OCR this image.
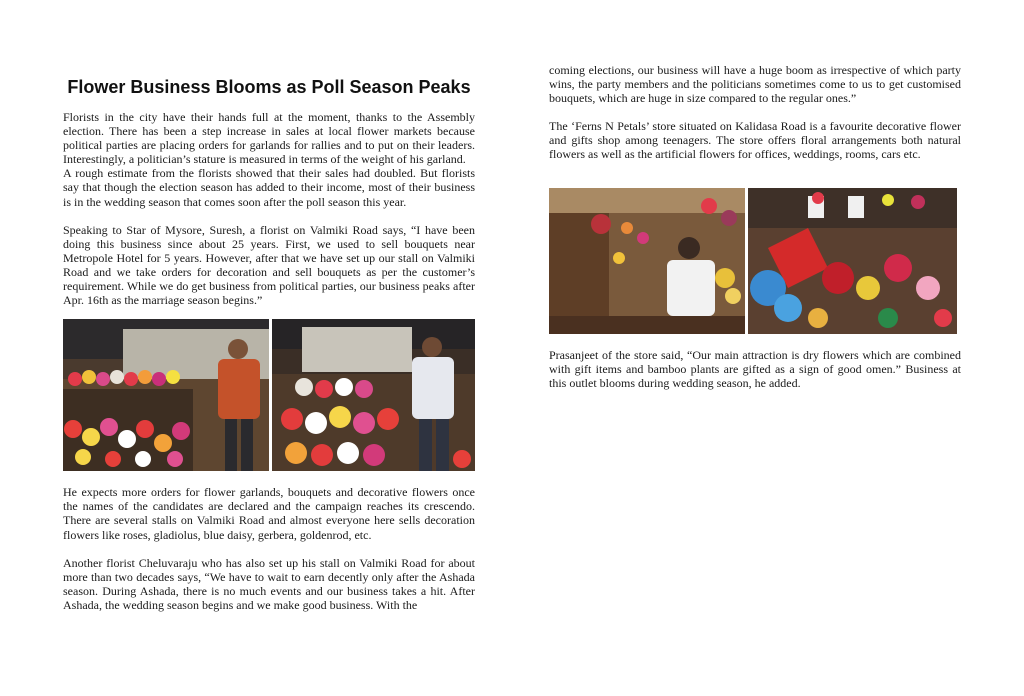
Flower Business Blooms as Poll Season Peaks

Florists in the city have their hands full at the moment, thanks to the Assembly election. There has been a step increase in sales at local flower markets because political parties are placing orders for garlands for rallies and to put on their leaders. Interestingly, a politician’s stature is measured in terms of the weight of his garland.

A rough estimate from the florists showed that their sales had doubled. But florists say that though the election season has added to their income, most of their business is in the wedding season that comes soon after the poll season this year.

Speaking to Star of Mysore, Suresh, a florist on Valmiki Road says, “I have been doing this business since about 25 years. First, we used to sell bouquets near Metropole Hotel for 5 years. However, after that we have set up our stall on Valmiki Road and we take orders for decoration and sell bouquets as per the customer’s requirement. While we do get business from political parties, our business peaks after Apr. 16th as the marriage season begins.”

He expects more orders for flower garlands, bouquets and decorative flowers once the names of the candidates are declared and the campaign reaches its crescendo. There are several stalls on Valmiki Road and almost everyone here sells decoration flowers like roses, gladiolus, blue daisy, gerbera, goldenrod, etc.

Another florist Cheluvaraju who has also set up his stall on Valmiki Road for about more than two decades says, “We have to wait to earn decently only after the Ashada season. During Ashada, there is no much events and our business takes a hit. After Ashada, the wedding season begins and we make good business. With the

coming elections, our business will have a huge boom as irrespective of which party wins, the party members and the politicians sometimes come to us to get customised bouquets, which are huge in size compared to the regular ones.”

The ‘Ferns N Petals’ store situated on Kalidasa Road is a favourite decorative flower and gifts shop among teenagers. The store offers floral arrangements both natural flowers as well as the artificial flowers for offices, weddings, rooms, cars etc.

Prasanjeet of the store said, “Our main attraction is dry flowers which are combined with gift items and bamboo plants are gifted as a sign of good omen.” Business at this outlet blooms during wedding season, he added.
